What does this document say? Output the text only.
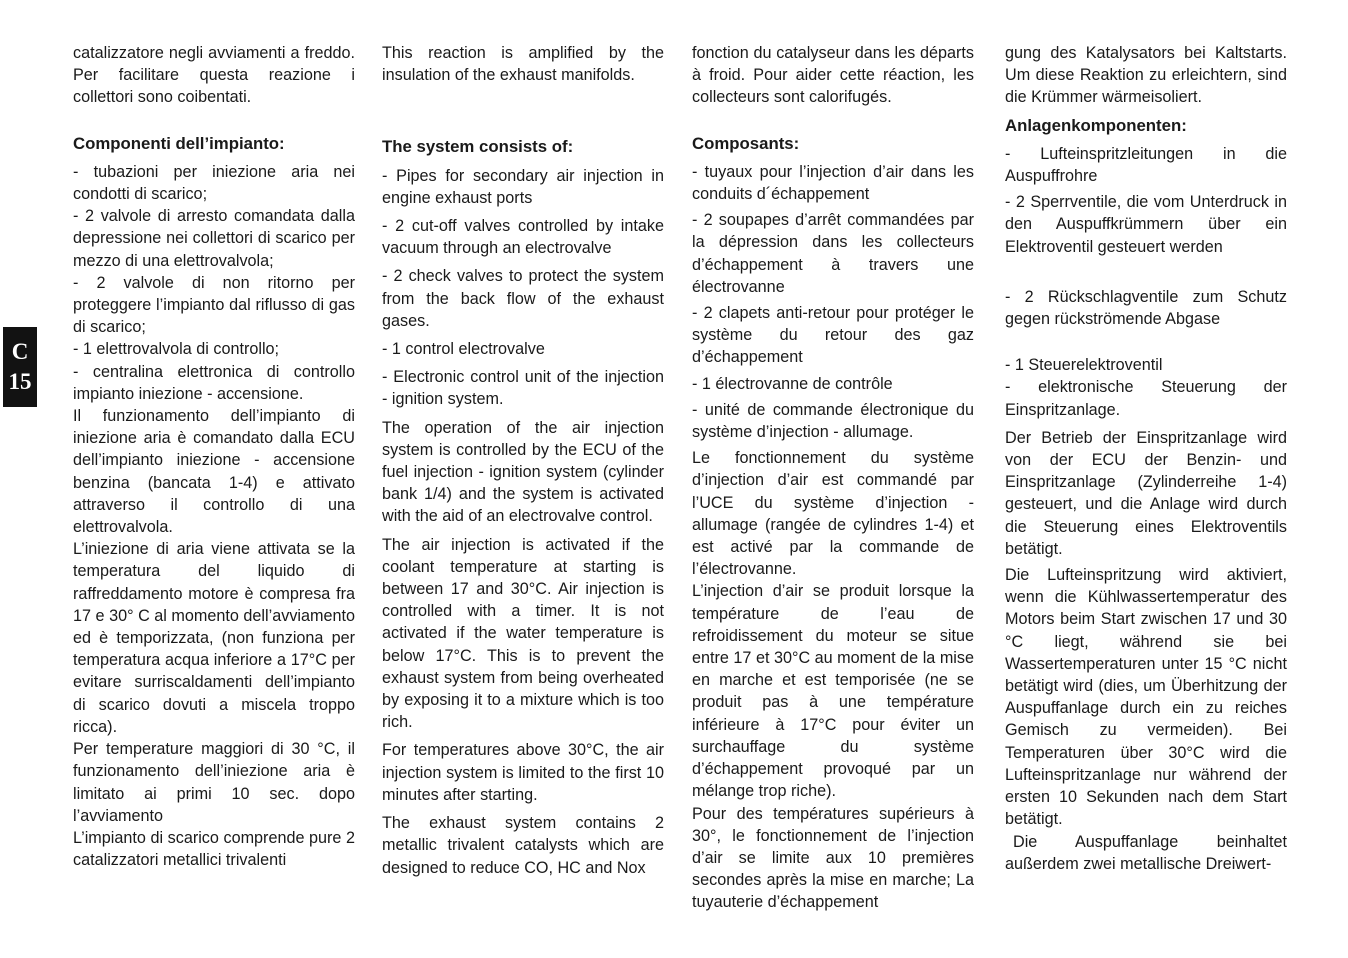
C
15

catalizzatore negli avviamenti a freddo. Per facilitare questa reazione i collettori sono coibentati.

Componenti dell’impianto:

- tubazioni per iniezione aria nei condotti di scarico;

- 2 valvole di arresto comandata dalla depressione nei collettori di scarico per mezzo di una elettrovalvola;

- 2 valvole di non ritorno per proteggere l’impianto dal riflusso di gas di scarico;

- 1 elettrovalvola di controllo;

- centralina elettronica di controllo impianto iniezione - accensione.

Il funzionamento dell’impianto di iniezione aria è comandato dalla ECU dell’impianto iniezione - accensione benzina (bancata 1-4) e attivato attraverso il controllo di una elettrovalvola.

L’iniezione di aria viene attivata se la temperatura del liquido di raffreddamento motore è compresa fra 17 e 30° C al momento dell’avviamento ed è temporizzata, (non funziona per temperatura acqua inferiore a 17°C per evitare surriscaldamenti dell’impianto di scarico dovuti a miscela troppo ricca).

Per temperature maggiori di 30 °C, il funzionamento dell’iniezione aria è limitato ai primi 10 sec. dopo l’avviamento

L’impianto di scarico comprende pure 2 catalizzatori metallici trivalenti

This reaction is amplified by the insulation of the exhaust manifolds.

The system consists of:

- Pipes for secondary air injection in engine exhaust ports

- 2 cut-off valves controlled by intake vacuum through an electrovalve

- 2 check valves to protect the system from the back flow of the exhaust gases.

- 1 control electrovalve

- Electronic control unit of the injection - ignition system.

The operation of the air injection system is controlled by the ECU of the fuel injection - ignition system (cylinder bank 1/4) and the system is activated with the aid of an electrovalve control.

The air injection is activated if the coolant temperature at starting is between 17 and 30°C. Air injection is controlled with a timer. It is not activated if the water temperature is below 17°C. This is to prevent the exhaust system from being overheated by exposing it to a mixture which is too rich.

For temperatures above 30°C, the air injection system is limited to the first 10 minutes after starting.

The exhaust system contains 2 metallic trivalent catalysts which are designed to reduce CO, HC and Nox

fonction du catalyseur dans les départs à froid. Pour aider cette réaction, les collecteurs sont calorifugés.

Composants:

- tuyaux pour l’injection d’air dans les conduits d´échappement

- 2 soupapes d’arrêt commandées par la dépression dans les collecteurs d’échappement à travers une électrovanne

- 2 clapets anti-retour pour protéger le système du retour des gaz d’échappement

- 1 électrovanne de contrôle

- unité de commande électronique du système d’injection - allumage.

Le fonctionnement du système d’injection d’air est commandé par l’UCE du système d’injection - allumage (rangée de cylindres 1-4) et est activé par la commande de l’électrovanne.

L’injection d’air se produit lorsque la température de l’eau de refroidissement du moteur se situe entre 17 et 30°C au moment de la mise en marche et est temporisée (ne se produit pas à une température inférieure à 17°C pour éviter un surchauffage du système d’échappement provoqué par un mélange trop riche).

Pour des températures supérieurs à 30°, le fonctionnement de l’injection d’air se limite aux 10 premières secondes après la mise en marche; La tuyauterie d’échappement

gung des Katalysators bei Kaltstarts. Um diese Reaktion zu erleichtern, sind die Krümmer wärmeisoliert.

Anlagenkomponenten:

- Lufteinspritzleitungen in die Auspuffrohre

- 2 Sperrventile, die vom Unterdruck in den Auspuffkrümmern über ein Elektroventil gesteuert werden

- 2 Rückschlagventile zum Schutz gegen rückströmende Abgase

- 1 Steuerelektroventil

- elektronische Steuerung der Einspritzanlage.

Der Betrieb der Einspritzanlage wird von der ECU der Benzin- und Einspritzanlage (Zylinderreihe 1-4) gesteuert, und die Anlage wird durch die Steuerung eines Elektroventils betätigt.

Die Lufteinspritzung wird aktiviert, wenn die Kühlwassertemperatur des Motors beim Start zwischen 17 und 30 °C liegt, während sie bei Wassertemperaturen unter 15 °C nicht betätigt wird (dies, um Überhitzung der Auspuffanlage durch ein zu reiches Gemisch zu vermeiden). Bei Temperaturen über 30°C wird die Lufteinspritzanlage nur während der ersten 10 Sekunden nach dem Start betätigt.

Die Auspuffanlage beinhaltet außerdem zwei metallische Dreiwert-
